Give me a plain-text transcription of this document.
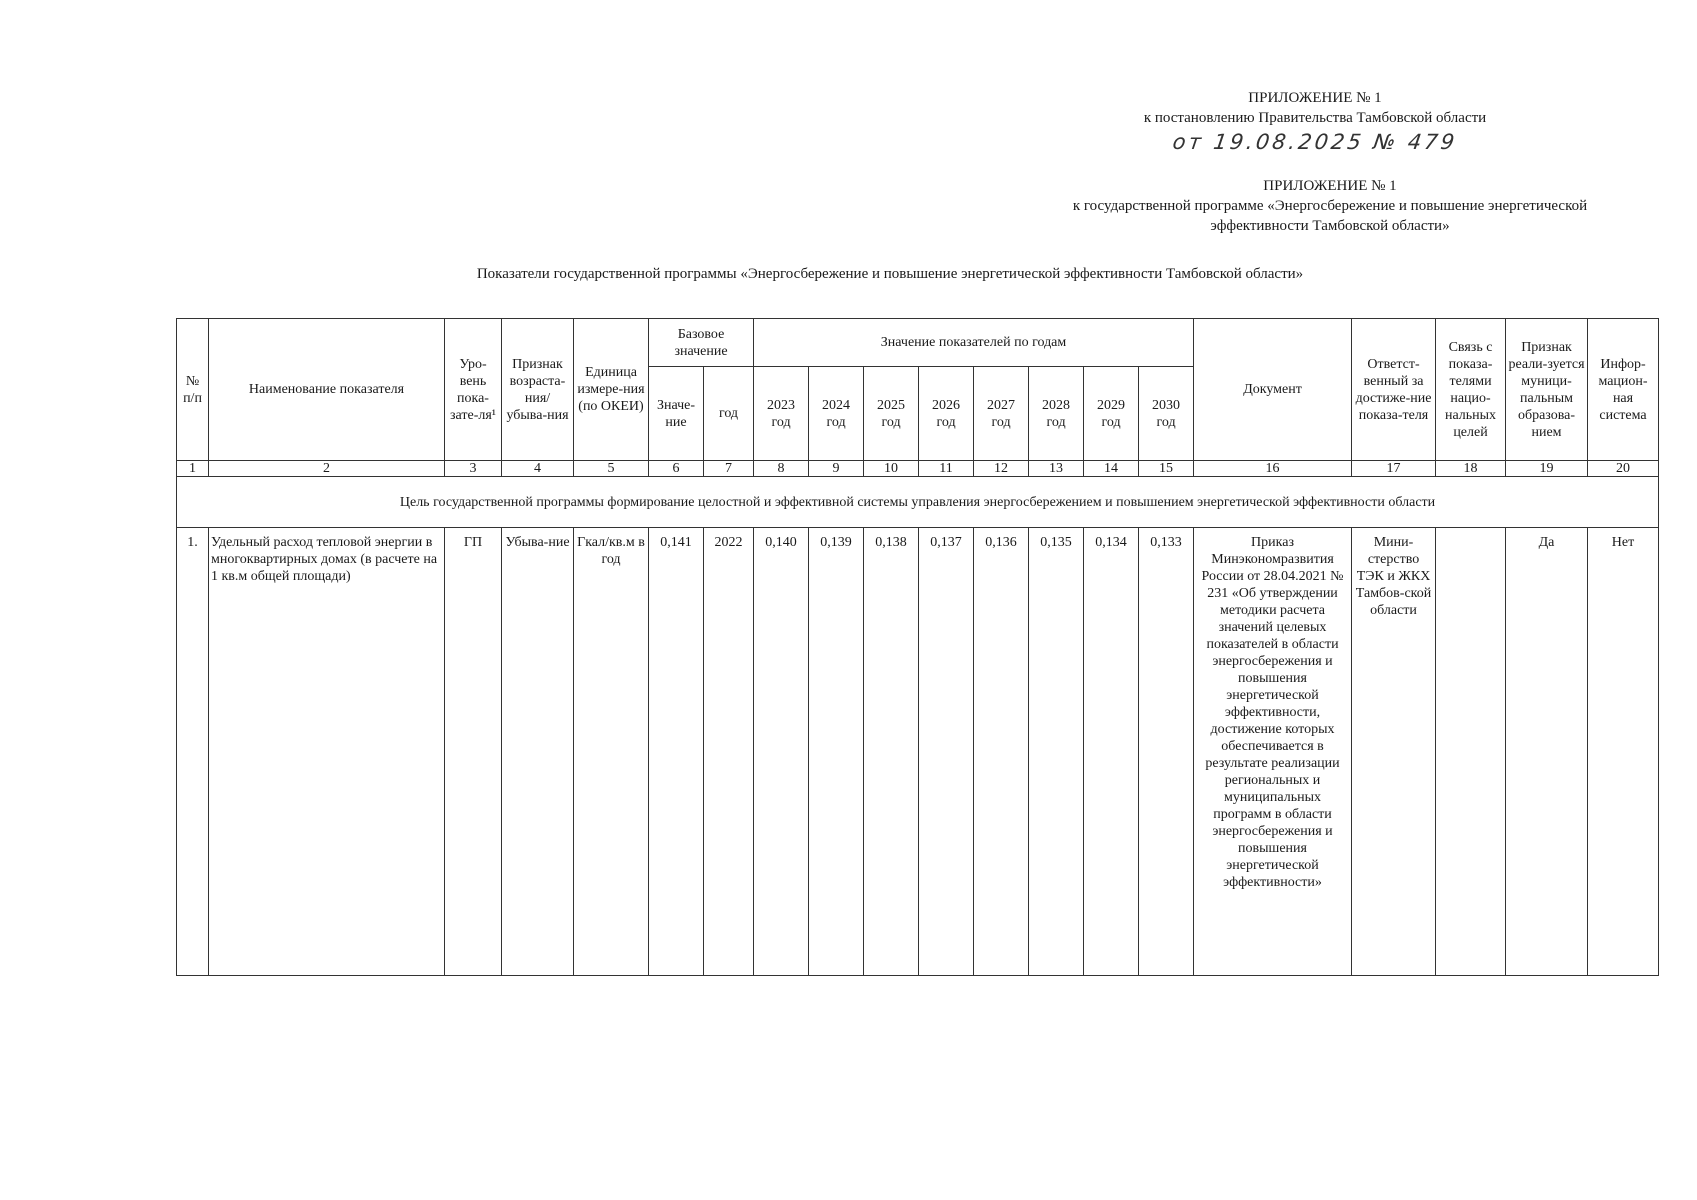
ПРИЛОЖЕНИЕ № 1
к постановлению Правительства Тамбовской области
от 19.08.2025 № 479
ПРИЛОЖЕНИЕ № 1
к государственной программе «Энергосбережение и повышение энергетической
эффективности Тамбовской области»
Показатели государственной программы «Энергосбережение и повышение энергетической эффективности Тамбовской области»
№ п/п	Наименование показателя	Уро-вень пока-зате-ля¹	Признак возраста-ния/ убыва-ния	Единица измере-ния (по ОКЕИ)	Базовое значение		Значение показателей по годам								Документ	Ответст-венный за достиже-ние показа-теля	Связь с показа-телями нацио-нальных целей	Признак реали-зуется муници-пальным образова-нием	Инфор-мацион-ная система
					Значе-ние	год	2023 год	2024 год	2025 год	2026 год	2027 год	2028 год	2029 год	2030 год					
1	2	3	4	5	6	7	8	9	10	11	12	13	14	15	16	17	18	19	20
Цель государственной программы формирование целостной и эффективной системы управления энергосбережением и повышением энергетической эффективности области																			
1.	Удельный расход тепловой энергии в многоквартирных домах (в расчете на 1 кв.м общей площади)	ГП	Убыва-ние	Гкал/кв.м в год	0,141	2022	0,140	0,139	0,138	0,137	0,136	0,135	0,134	0,133	Приказ Минэкономразвития России от 28.04.2021 № 231 «Об утверждении методики расчета значений целевых показателей в области энергосбережения и повышения энергетической эффективности, достижение которых обеспечивается в результате реализации региональных и муниципальных программ в области энергосбережения и повышения энергетической эффективности»	Мини-стерство ТЭК и ЖКХ Тамбов-ской области		Да	Нет
